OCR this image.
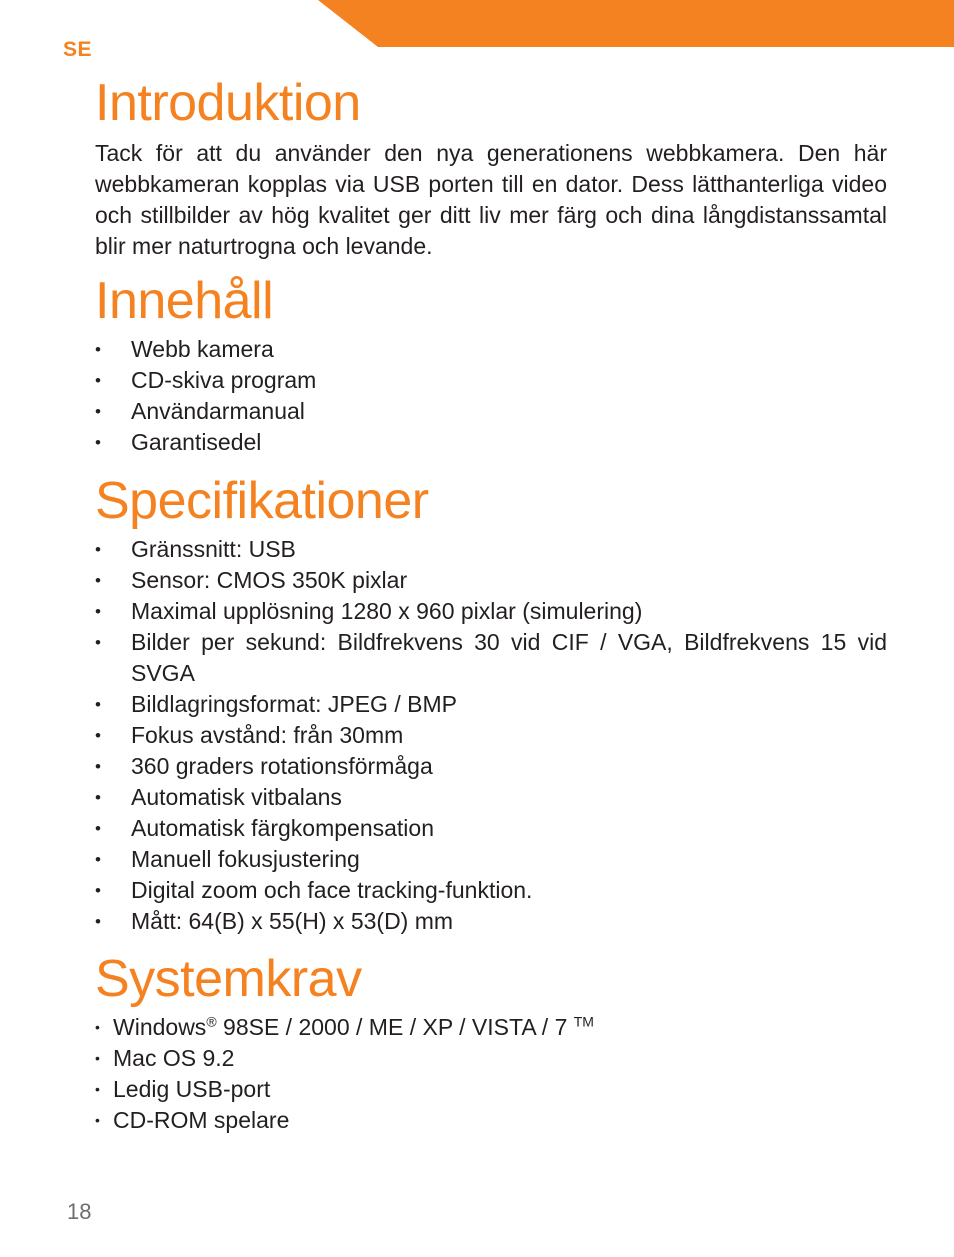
SE
Introduktion

Tack för att du använder den nya generationens webbkamera. Den här webbkameran kopplas via USB porten till en dator. Dess lätthanterliga video och stillbilder av hög kvalitet ger ditt liv mer färg och dina långdistanssamtal blir mer naturtrogna och levande.

Innehåll
• Webb kamera
• CD-skiva program
• Användarmanual
• Garantisedel
Specifikationer
• Gränssnitt: USB
• Sensor: CMOS 350K pixlar
• Maximal upplösning 1280 x 960 pixlar (simulering)
• Bilder per sekund: Bildfrekvens 30 vid CIF / VGA, Bildfrekvens 15 vid SVGA
• Bildlagringsformat: JPEG / BMP
• Fokus avstånd: från 30mm
• 360 graders rotationsförmåga
• Automatisk vitbalans
• Automatisk färgkompensation
• Manuell fokusjustering
• Digital zoom och face tracking-funktion.
• Mått: 64(B) x 55(H) x 53(D) mm
Systemkrav
• Windows® 98SE / 2000 / ME / XP / VISTA / 7 ™
• Mac OS 9.2
• Ledig USB-port
• CD-ROM spelare
18
